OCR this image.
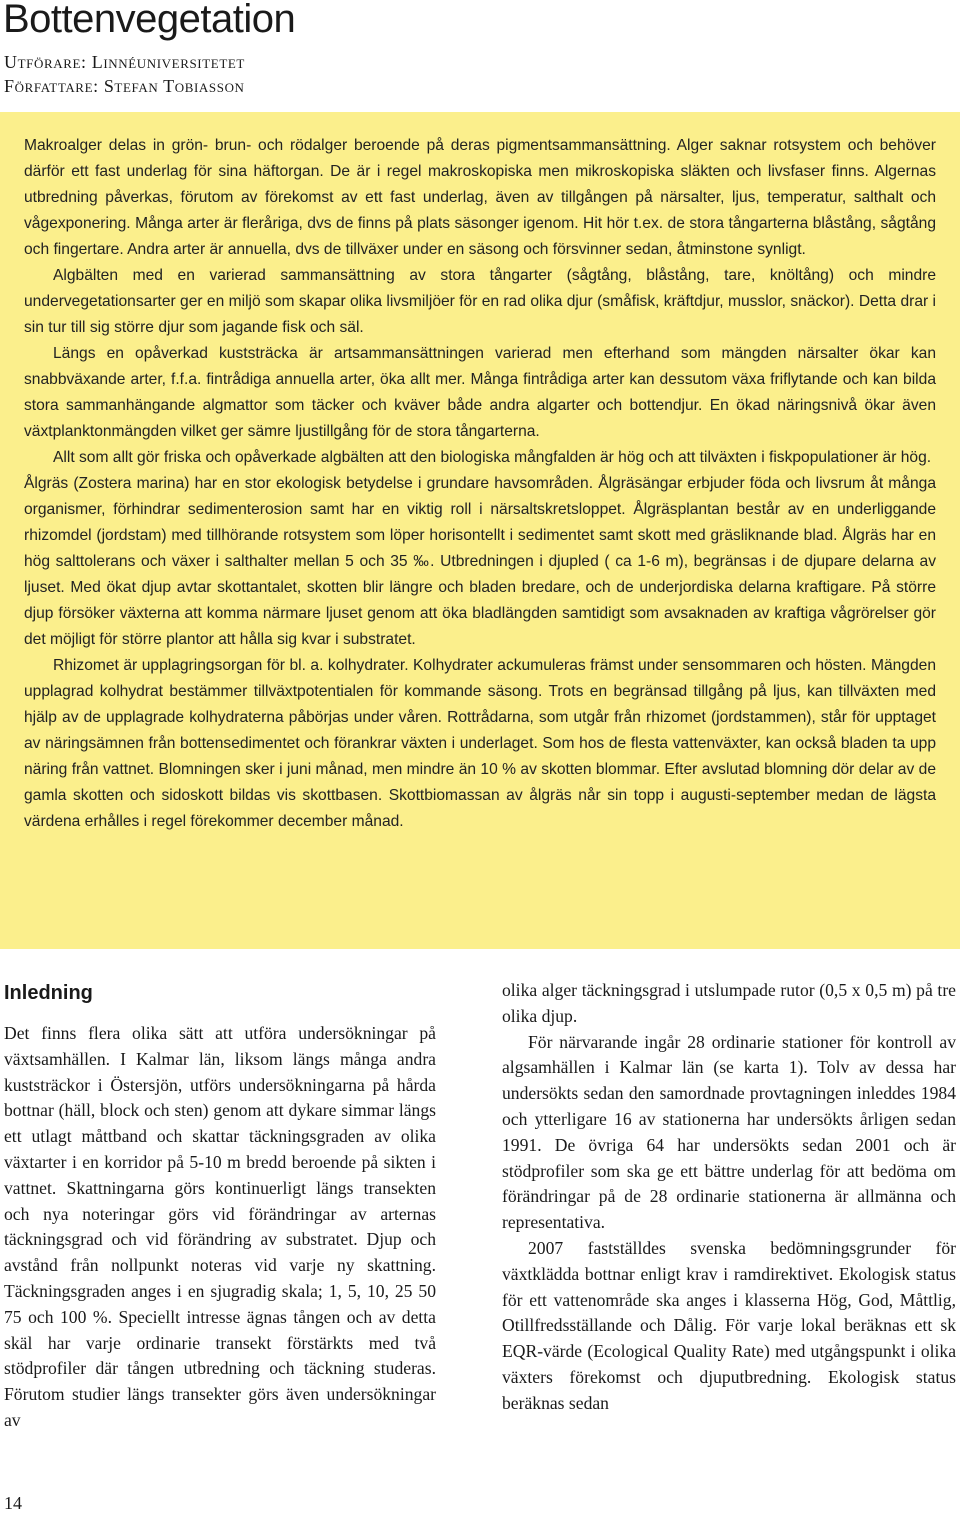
Bottenvegetation
Utförare: Linnéuniversitetet
Författare: Stefan Tobiasson

Makroalger delas in grön- brun- och rödalger beroende på deras pigmentsammansättning. Alger saknar rotsystem och behöver därför ett fast underlag för sina häftorgan. De är i regel makroskopiska men mikroskopiska släkten och livsfaser finns. Algernas utbredning påverkas, förutom av förekomst av ett fast underlag, även av tillgången på närsalter, ljus, temperatur, salthalt och vågexponering. Många arter är fleråriga, dvs de finns på plats säsonger igenom. Hit hör t.ex. de stora tångarterna blåstång, sågtång och fingertare. Andra arter är annuella, dvs de tillväxer under en säsong och försvinner sedan, åtminstone synligt.

Algbälten med en varierad sammansättning av stora tångarter (sågtång, blåstång, tare, knöltång) och mindre undervegetationsarter ger en miljö som skapar olika livsmiljöer för en rad olika djur (småfisk, kräftdjur, musslor, snäckor). Detta drar i sin tur till sig större djur som jagande fisk och säl.

Längs en opåverkad kuststräcka är artsammansättningen varierad men efterhand som mängden närsalter ökar kan snabbväxande arter, f.f.a. fintrådiga annuella arter, öka allt mer. Många fintrådiga arter kan dessutom växa friflytande och kan bilda stora sammanhängande algmattor som täcker och kväver både andra algarter och bottendjur. En ökad näringsnivå ökar även växtplanktonmängden vilket ger sämre ljustillgång för de stora tångarterna.

Allt som allt gör friska och opåverkade algbälten att den biologiska mångfalden är hög och att tilväxten i fiskpopulationer är hög.

Ålgräs (Zostera marina) har en stor ekologisk betydelse i grundare havsområden. Ålgräsängar erbjuder föda och livsrum åt många organismer, förhindrar sedimenterosion samt har en viktig roll i närsaltskretsloppet. Ålgräsplantan består av en underliggande rhizomdel (jordstam) med tillhörande rotsystem som löper horisontellt i sedimentet samt skott med gräsliknande blad. Ålgräs har en hög salttolerans och växer i salthalter mellan 5 och 35 ‰. Utbredningen i djupled ( ca 1-6 m), begränsas i de djupare delarna av ljuset. Med ökat djup avtar skottantalet, skotten blir längre och bladen bredare, och de underjordiska delarna kraftigare. På större djup försöker växterna att komma närmare ljuset genom att öka bladlängden samtidigt som avsaknaden av kraftiga vågrörelser gör det möjligt för större plantor att hålla sig kvar i substratet.

Rhizomet är upplagringsorgan för bl. a. kolhydrater. Kolhydrater ackumuleras främst under sensommaren och hösten. Mängden upplagrad kolhydrat bestämmer tillväxtpotentialen för kommande säsong. Trots en begränsad tillgång på ljus, kan tillväxten med hjälp av de upplagrade kolhydraterna påbörjas under våren. Rottrådarna, som utgår från rhizomet (jordstammen), står för upptaget av näringsämnen från bottensedimentet och förankrar växten i underlaget. Som hos de flesta vattenväxter, kan också bladen ta upp näring från vattnet. Blomningen sker i juni månad, men mindre än 10 % av skotten blommar. Efter avslutad blomning dör delar av de gamla skotten och sidoskott bildas vis skottbasen. Skottbiomassan av ålgräs når sin topp i augusti-september medan de lägsta värdena erhålles i regel förekommer december månad.

Inledning

Det finns flera olika sätt att utföra undersökningar på växtsamhällen. I Kalmar län, liksom längs många andra kuststräckor i Östersjön, utförs undersökningarna på hårda bottnar (häll, block och sten) genom att dykare simmar längs ett utlagt måttband och skattar täckningsgraden av olika växtarter i en korridor på 5-10 m bredd beroende på sikten i vattnet. Skattningarna görs kontinuerligt längs transekten och nya noteringar görs vid förändringar av arternas täckningsgrad och vid förändring av substratet. Djup och avstånd från nollpunkt noteras vid varje ny skattning. Täckningsgraden anges i en sjugradig skala; 1, 5, 10, 25 50 75 och 100 %. Speciellt intresse ägnas tången och av detta skäl har varje ordinarie transekt förstärkts med två stödprofiler där tången utbredning och täckning studeras. Förutom studier längs transekter görs även undersökningar av

olika alger täckningsgrad i utslumpade rutor (0,5 x 0,5 m) på tre olika djup.

För närvarande ingår 28 ordinarie stationer för kontroll av algsamhällen i Kalmar län (se karta 1). Tolv av dessa har undersökts sedan den samordnade provtagningen inleddes 1984 och ytterligare 16 av stationerna har undersökts årligen sedan 1991. De övriga 64 har undersökts sedan 2001 och är stödprofiler som ska ge ett bättre underlag för att bedöma om förändringar på de 28 ordinarie stationerna är allmänna och representativa.

2007 fastställdes svenska bedömningsgrunder för växtklädda bottnar enligt krav i ramdirektivet. Ekologisk status för ett vattenområde ska anges i klasserna Hög, God, Måttlig, Otillfredsställande och Dålig. För varje lokal beräknas ett sk EQR-värde (Ecological Quality Rate) med utgångspunkt i olika växters förekomst och djuputbredning. Ekologisk status beräknas sedan

14
